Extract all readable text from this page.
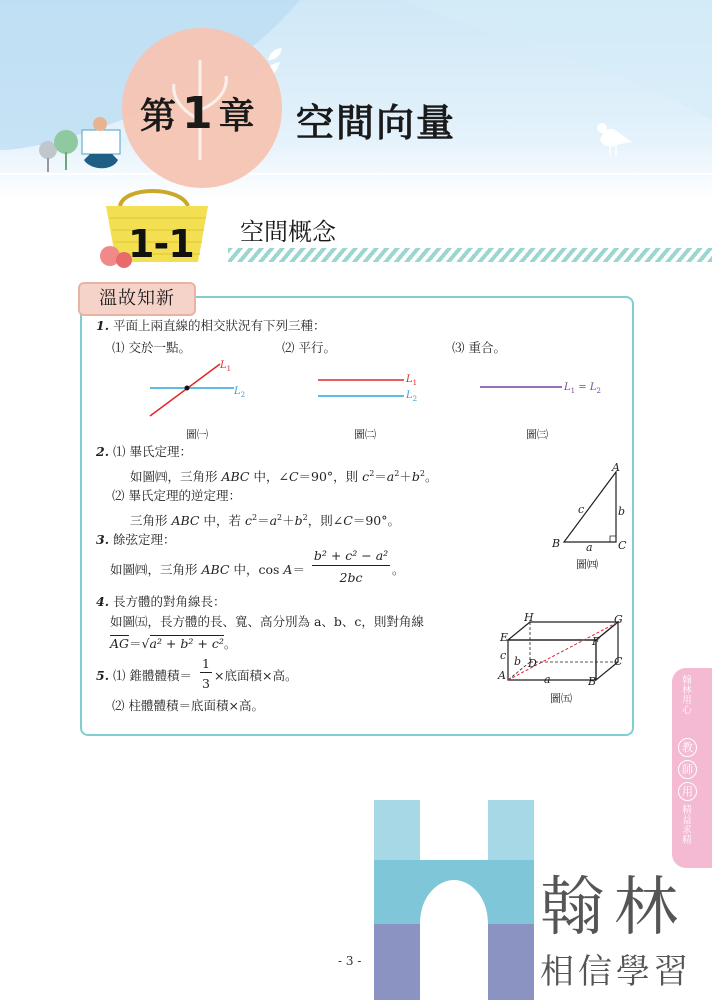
第 1 章 空間向量
1-1 空間概念
溫故知新
1. 平面上兩直線的相交狀況有下列三種：
⑴ 交於一點。	⑵ 平行。	⑶ 重合。
$L_1$
$L_2$
圖㈠
$L_1$
$L_2$
圖㈡
$L_1 = L_2$
圖㈢
2. ⑴ 畢氏定理：
如圖㈣，三角形 ABC 中，∠C＝90°，則 $c^2=a^2+b^2$。
⑵ 畢氏定理的逆定理：
三角形 ABC 中，若 $c^2=a^2+b^2$，則∠C＝90°。
A
B	C
c	b
a
圖㈣
3. 餘弦定理：
如圖㈣，三角形 ABC 中，cos A＝
b² + c² − a²
2bc
。
4. 長方體的對角線長：
如圖㈤，長方體的長、寬、高分別為 a、b、c，則對角線
$\overline{AG}=√a^2 + b^2 + c^2$。
H	G
E	F
c b D	C
A	a	B
圖㈤
5. ⑴ 錐體體積＝
1
3
×底面積×高。
⑵ 柱體體積＝底面積×高。
翰林用心
教
師
用
精益求精
翰林
相信學習
- 3 -
